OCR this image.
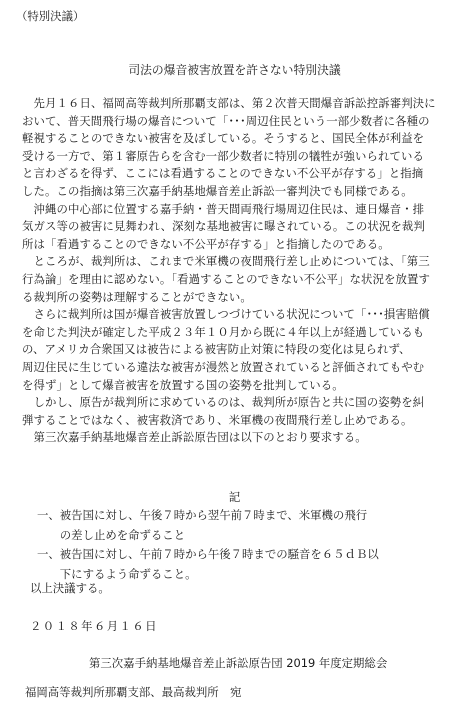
（特別決議）
司法の爆音被害放置を許さない特別決議
　先月１６日、福岡高等裁判所那覇支部は、第２次普天間爆音訴訟控訴審判決に
おいて、普天間飛行場の爆音について「･･･周辺住民という一部少数者に各種の
軽視することのできない被害を及ぼしている。そうすると、国民全体が利益を
受ける一方で、第１審原告らを含む一部少数者に特別の犠牲が強いられている
と言わざるを得ず、ここには看過することのできない不公平が存する」と指摘
した。この指摘は第三次嘉手納基地爆音差止訴訟一審判決でも同様である。
　沖縄の中心部に位置する嘉手納・普天間両飛行場周辺住民は、連日爆音・排
気ガス等の被害に見舞われ、深刻な基地被害に曝されている。この状況を裁判
所は「看過することのできない不公平が存する」と指摘したのである。
　ところが、裁判所は、これまで米軍機の夜間飛行差し止めについては、「第三
行為論」を理由に認めない。「看過することのできない不公平」な状況を放置す
る裁判所の姿勢は理解することができない。
　さらに裁判所は国が爆音被害放置しつづけている状況について「･･･損害賠償
を命じた判決が確定した平成２３年１０月から既に４年以上が経過しているも
の、アメリカ合衆国又は被告による被害防止対策に特段の変化は見られず、
周辺住民に生じている違法な被害が漫然と放置されていると評価されてもやむ
を得ず」として爆音被害を放置する国の姿勢を批判している。
　しかし、原告が裁判所に求めているのは、裁判所が原告と共に国の姿勢を糾
弾することではなく、被害救済であり、米軍機の夜間飛行差し止めである。
　第三次嘉手納基地爆音差止訴訟原告団は以下のとおり要求する。
記
一、被告国に対し、午後７時から翌午前７時まで、米軍機の飛行
　　の差し止めを命ずること
一、被告国に対し、午前７時から午後７時までの騒音を６５ｄＢ以
　　下にするよう命ずること。
以上決議する。
２０１８年６月１６日
第三次嘉手納基地爆音差止訴訟原告団 2019 年度定期総会
福岡高等裁判所那覇支部、最高裁判所　宛
